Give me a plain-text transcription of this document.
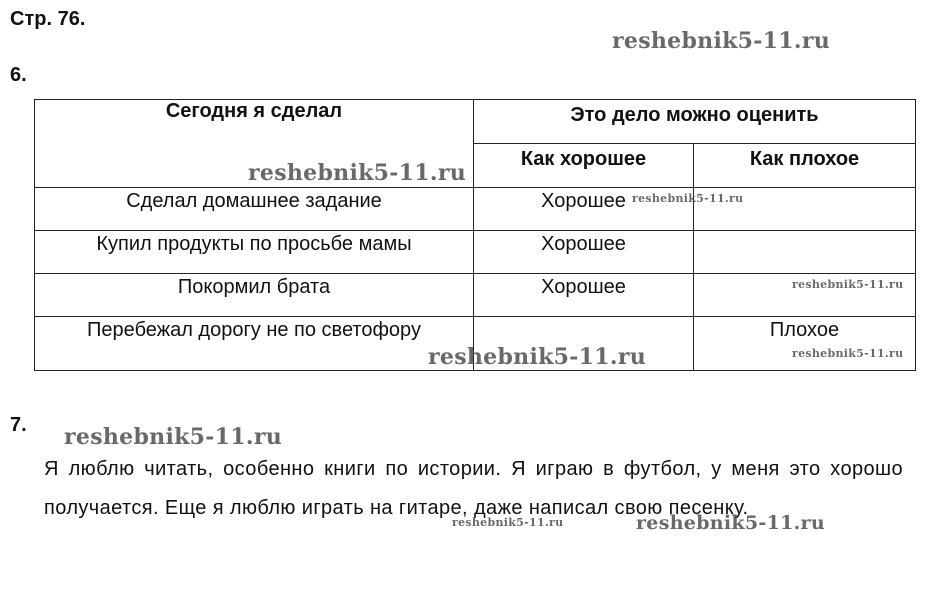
Стр. 76.
6.
Сегодня я сделал	Это дело можно оценить	
	Как хорошее	Как плохое
Сделал домашнее задание	Хорошее	
Купил продукты по просьбе мамы	Хорошее	
Покормил брата	Хорошее	
Перебежал дорогу не по светофору		Плохое
7.
Я люблю читать, особенно книги по истории. Я играю в футбол, у меня это хорошо получается. Еще я люблю играть на гитаре, даже написал свою песенку.
reshebnik5-11.ru
reshebnik5-11.ru
reshebnik5-11.ru
reshebnik5-11.ru
reshebnik5-11.ru	reshebnik5-11.ru
reshebnik5-11.ru
reshebnik5-11.ru	reshebnik5-11.ru
